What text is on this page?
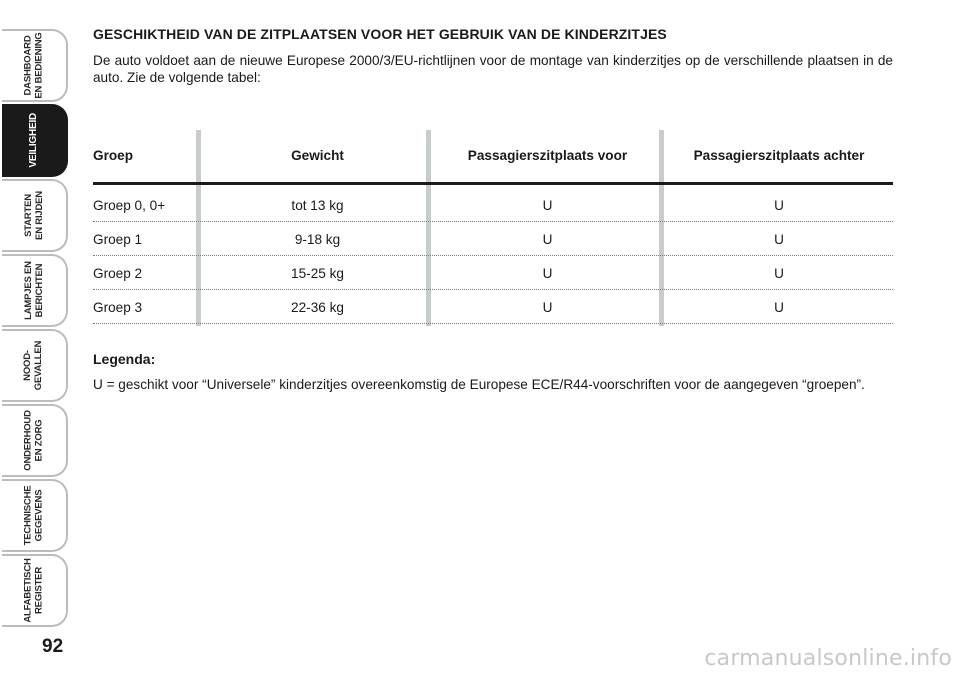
DASHBOARD EN BEDIENING
VEILIGHEID
STARTEN EN RIJDEN
LAMPJES EN BERICHTEN
NOOD- GEVALLEN
ONDERHOUD EN ZORG
TECHNISCHE GEGEVENS
ALFABETISCH REGISTER
92
GESCHIKTHEID VAN DE ZITPLAATSEN VOOR HET GEBRUIK VAN DE KINDERZITJES

De auto voldoet aan de nieuwe Europese 2000/3/EU-richtlijnen voor de montage van kinderzitjes op de verschillende plaatsen in de auto. Zie de volgende tabel:

Groep	Gewicht	Passagierszitplaats voor	Passagierszitplaats achter
Groep 0, 0+	tot 13 kg	U	U
Groep 1	9-18 kg	U	U
Groep 2	15-25 kg	U	U
Groep 3	22-36 kg	U	U

Legenda:

U = geschikt voor “Universele” kinderzitjes overeenkomstig de Europese ECE/R44-voorschriften voor de aangegeven “groepen”.

carmanualsonline.info
